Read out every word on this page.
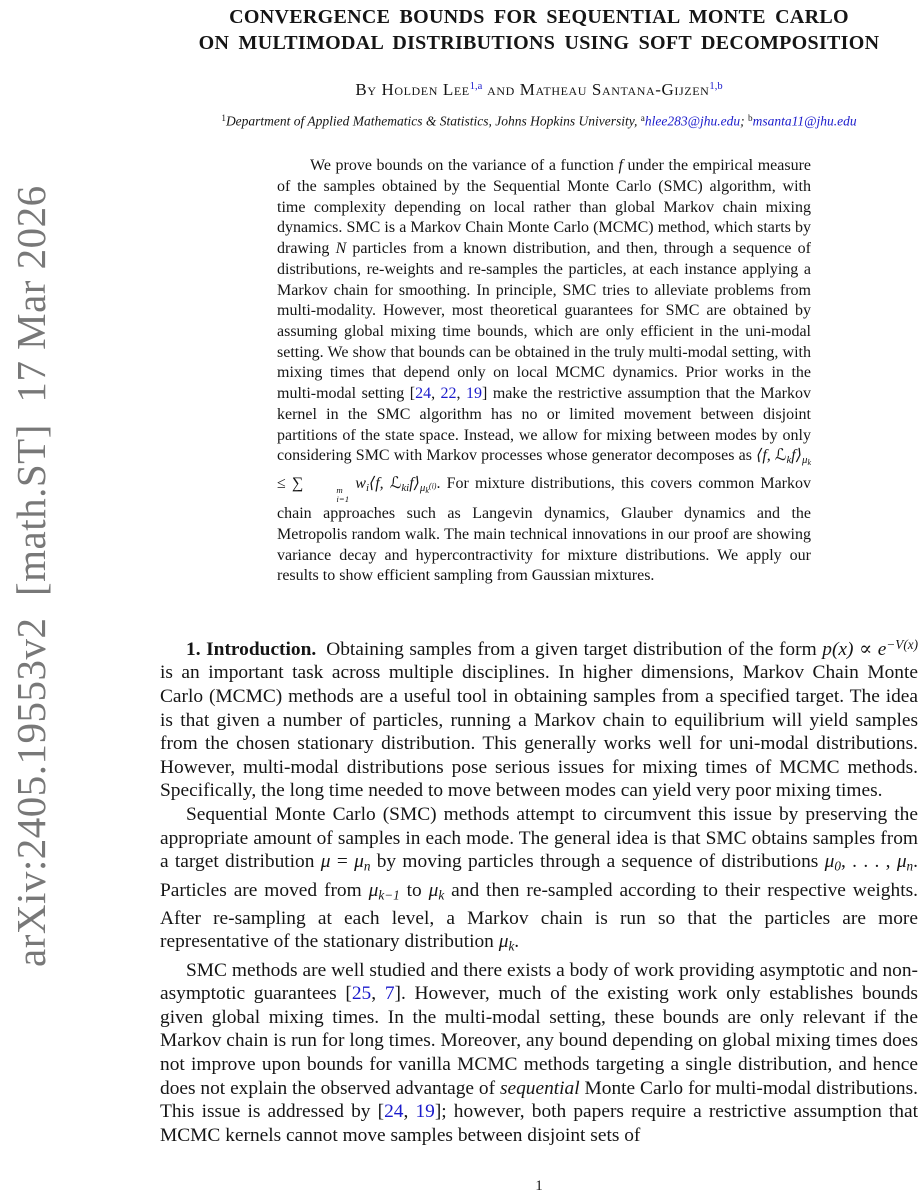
arXiv:2405.19553v2  [math.ST]  17 Mar 2026
CONVERGENCE BOUNDS FOR SEQUENTIAL MONTE CARLO
ON MULTIMODAL DISTRIBUTIONS USING SOFT DECOMPOSITION
By Holden Lee$^{1,a}$ and Matheau Santana-Gijzen$^{1,b}$
$^1$Department of Applied Mathematics & Statistics, Johns Hopkins University, $^a$hlee283@jhu.edu; $^b$msanta11@jhu.edu
We prove bounds on the variance of a function f under the empirical measure of the samples obtained by the Sequential Monte Carlo (SMC) algorithm, with time complexity depending on local rather than global Markov chain mixing dynamics. SMC is a Markov Chain Monte Carlo (MCMC) method, which starts by drawing N particles from a known distribution, and then, through a sequence of distributions, re-weights and re-samples the particles, at each instance applying a Markov chain for smoothing. In principle, SMC tries to alleviate problems from multi-modality. However, most theoretical guarantees for SMC are obtained by assuming global mixing time bounds, which are only efficient in the uni-modal setting. We show that bounds can be obtained in the truly multi-modal setting, with mixing times that depend only on local MCMC dynamics. Prior works in the multi-modal setting [24, 22, 19] make the restrictive assumption that the Markov kernel in the SMC algorithm has no or limited movement between disjoint partitions of the state space. Instead, we allow for mixing between modes by only considering SMC with Markov processes whose generator decomposes as ⟨f, $ℒkf⟩\mu_k$ ≤ ∑	m
i=1
wi⟨f, $ℒkif⟩\mu_k(i)$. For mixture distributions, this covers common Markov chain approaches such as Langevin dynamics, Glauber dynamics and the Metropolis random walk. The main technical innovations in our proof are showing variance decay and hypercontractivity for mixture distributions. We apply our results to show efficient sampling from Gaussian mixtures.

1. Introduction. Obtaining samples from a given target distribution of the form $p(x) \propto e^{-V(x)}$ is an important task across multiple disciplines. In higher dimensions, Markov Chain Monte Carlo (MCMC) methods are a useful tool in obtaining samples from a specified target. The idea is that given a number of particles, running a Markov chain to equilibrium will yield samples from the chosen stationary distribution. This generally works well for uni-modal distributions. However, multi-modal distributions pose serious issues for mixing times of MCMC methods. Specifically, the long time needed to move between modes can yield very poor mixing times.

Sequential Monte Carlo (SMC) methods attempt to circumvent this issue by preserving the appropriate amount of samples in each mode. The general idea is that SMC obtains samples from a target distribution μ = μn by moving particles through a sequence of distributions μ0, . . . , μn. Particles are moved from μk−1 to μk and then re-sampled according to their respective weights. After re-sampling at each level, a Markov chain is run so that the particles are more representative of the stationary distribution μk.

SMC methods are well studied and there exists a body of work providing asymptotic and non-asymptotic guarantees [25, 7]. However, much of the existing work only establishes bounds given global mixing times. In the multi-modal setting, these bounds are only relevant if the Markov chain is run for long times. Moreover, any bound depending on global mixing times does not improve upon bounds for vanilla MCMC methods targeting a single distribution, and hence does not explain the observed advantage of sequential Monte Carlo for multi-modal distributions. This issue is addressed by [24, 19]; however, both papers require a restrictive assumption that MCMC kernels cannot move samples between disjoint sets of

1
